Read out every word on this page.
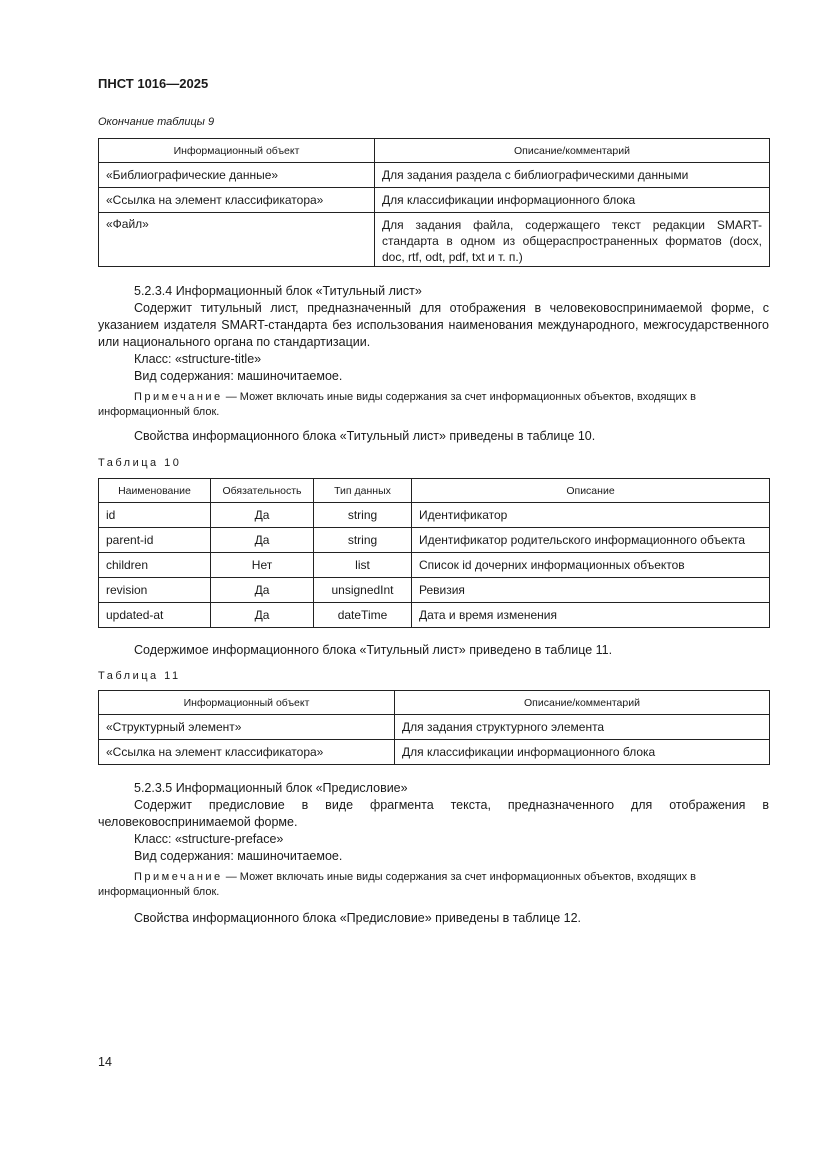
ПНСТ 1016—2025
Окончание таблицы 9
Информационный объект	Описание/комментарий
«Библиографические данные»	Для задания раздела с библиографическими данными
«Ссылка на элемент классификатора»	Для классификации информационного блока
«Файл»	Для задания файла, содержащего текст редакции SMART-стандарта в одном из общераспространенных форматов (docx, doc, rtf, odt, pdf, txt и т. п.)

5.2.3.4 Информационный блок «Титульный лист»

Содержит титульный лист, предназначенный для отображения в человековоспринимаемой форме, с указанием издателя SMART-стандарта без использования наименования международного, межгосударственного или национального органа по стандартизации.

Класс: «structure-title»

Вид содержания: машиночитаемое.

Примечание — Может включать иные виды содержания за счет информационных объектов, входящих в информационный блок.

Свойства информационного блока «Титульный лист» приведены в таблице 10.

Таблица 10
Наименование	Обязательность	Тип данных	Описание
id	Да	string	Идентификатор
parent-id	Да	string	Идентификатор родительского информационного объекта
children	Нет	list	Список id дочерних информационных объектов
revision	Да	unsignedInt	Ревизия
updated-at	Да	dateTime	Дата и время изменения

Содержимое информационного блока «Титульный лист» приведено в таблице 11.

Таблица 11
Информационный объект	Описание/комментарий
«Структурный элемент»	Для задания структурного элемента
«Ссылка на элемент классификатора»	Для классификации информационного блока

5.2.3.5 Информационный блок «Предисловие»

Содержит предисловие в виде фрагмента текста, предназначенного для отображения в человековоспринимаемой форме.

Класс: «structure-preface»

Вид содержания: машиночитаемое.

Примечание — Может включать иные виды содержания за счет информационных объектов, входящих в информационный блок.

Свойства информационного блока «Предисловие» приведены в таблице 12.

14
